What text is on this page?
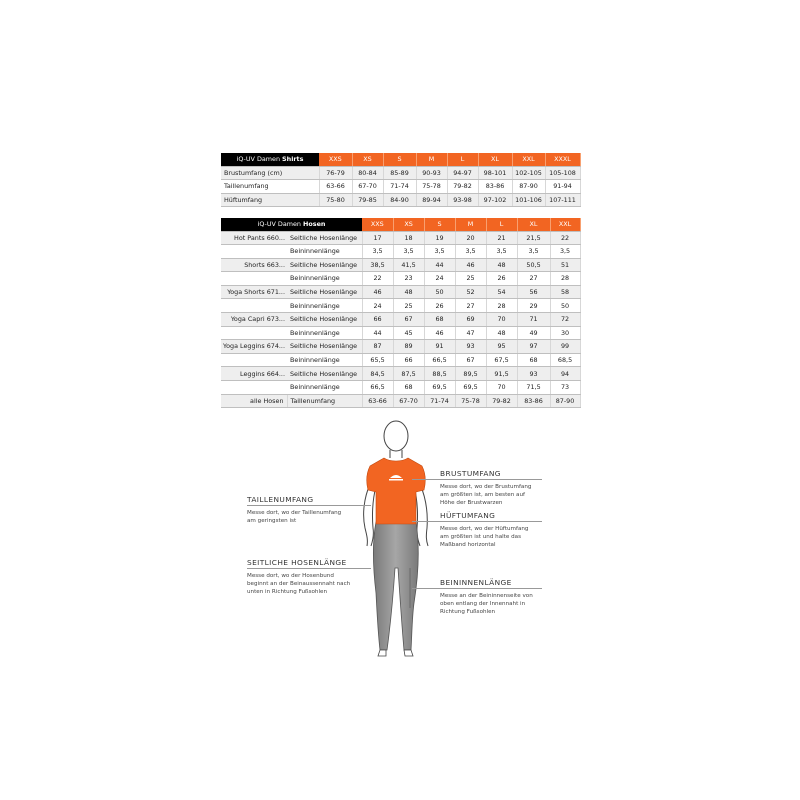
iQ-UV Damen Shirts	XXS	XS	S	M	L	XL	XXL	XXXL
Brustumfang (cm)	76-79	80-84	85-89	90-93	94-97	98-101	102-105	105-108
Taillenumfang	63-66	67-70	71-74	75-78	79-82	83-86	87-90	91-94
Hüftumfang	75-80	79-85	84-90	89-94	93-98	97-102	101-106	107-111
iQ-UV Damen Hosen		XXS	XS	S	M	L	XL	XXL
Hot Pants 660...	Seitliche Hosenlänge	17	18	19	20	21	21,5	22
	Beininnenlänge	3,5	3,5	3,5	3,5	3,5	3,5	3,5
Shorts 663...	Seitliche Hosenlänge	38,5	41,5	44	46	48	50,5	51
	Beininnenlänge	22	23	24	25	26	27	28
Yoga Shorts 671...	Seitliche Hosenlänge	46	48	50	52	54	56	58
	Beininnenlänge	24	25	26	27	28	29	50
Yoga Capri 673...	Seitliche Hosenlänge	66	67	68	69	70	71	72
	Beininnenlänge	44	45	46	47	48	49	30
Yoga Leggins 674...	Seitliche Hosenlänge	87	89	91	93	95	97	99
	Beininnenlänge	65,5	66	66,5	67	67,5	68	68,5
Leggins 664...	Seitliche Hosenlänge	84,5	87,5	88,5	89,5	91,5	93	94
	Beininnenlänge	66,5	68	69,5	69,5	70	71,5	73
alle Hosen	Taillenumfang	63-66	67-70	71-74	75-78	79-82	83-86	87-90
BRUSTUMFANG
Messe dort, wo der Brustumfang
am größten ist, am besten auf
Höhe der Brustwarzen
TAILLENUMFANG
Messe dort, wo der Taillenumfang
am geringsten ist
HÜFTUMFANG
Messe dort, wo der Hüftumfang
am größten ist und halte das
Maßband horizontal
SEITLICHE HOSENLÄNGE
Messe dort, wo der Hosenbund
beginnt an der Beinaussennaht nach
unten in Richtung Fußsohlen
BEININNENLÄNGE
Messe an der Beininnenseite von
oben entlang der Innennaht in
Richtung Fußsohlen
